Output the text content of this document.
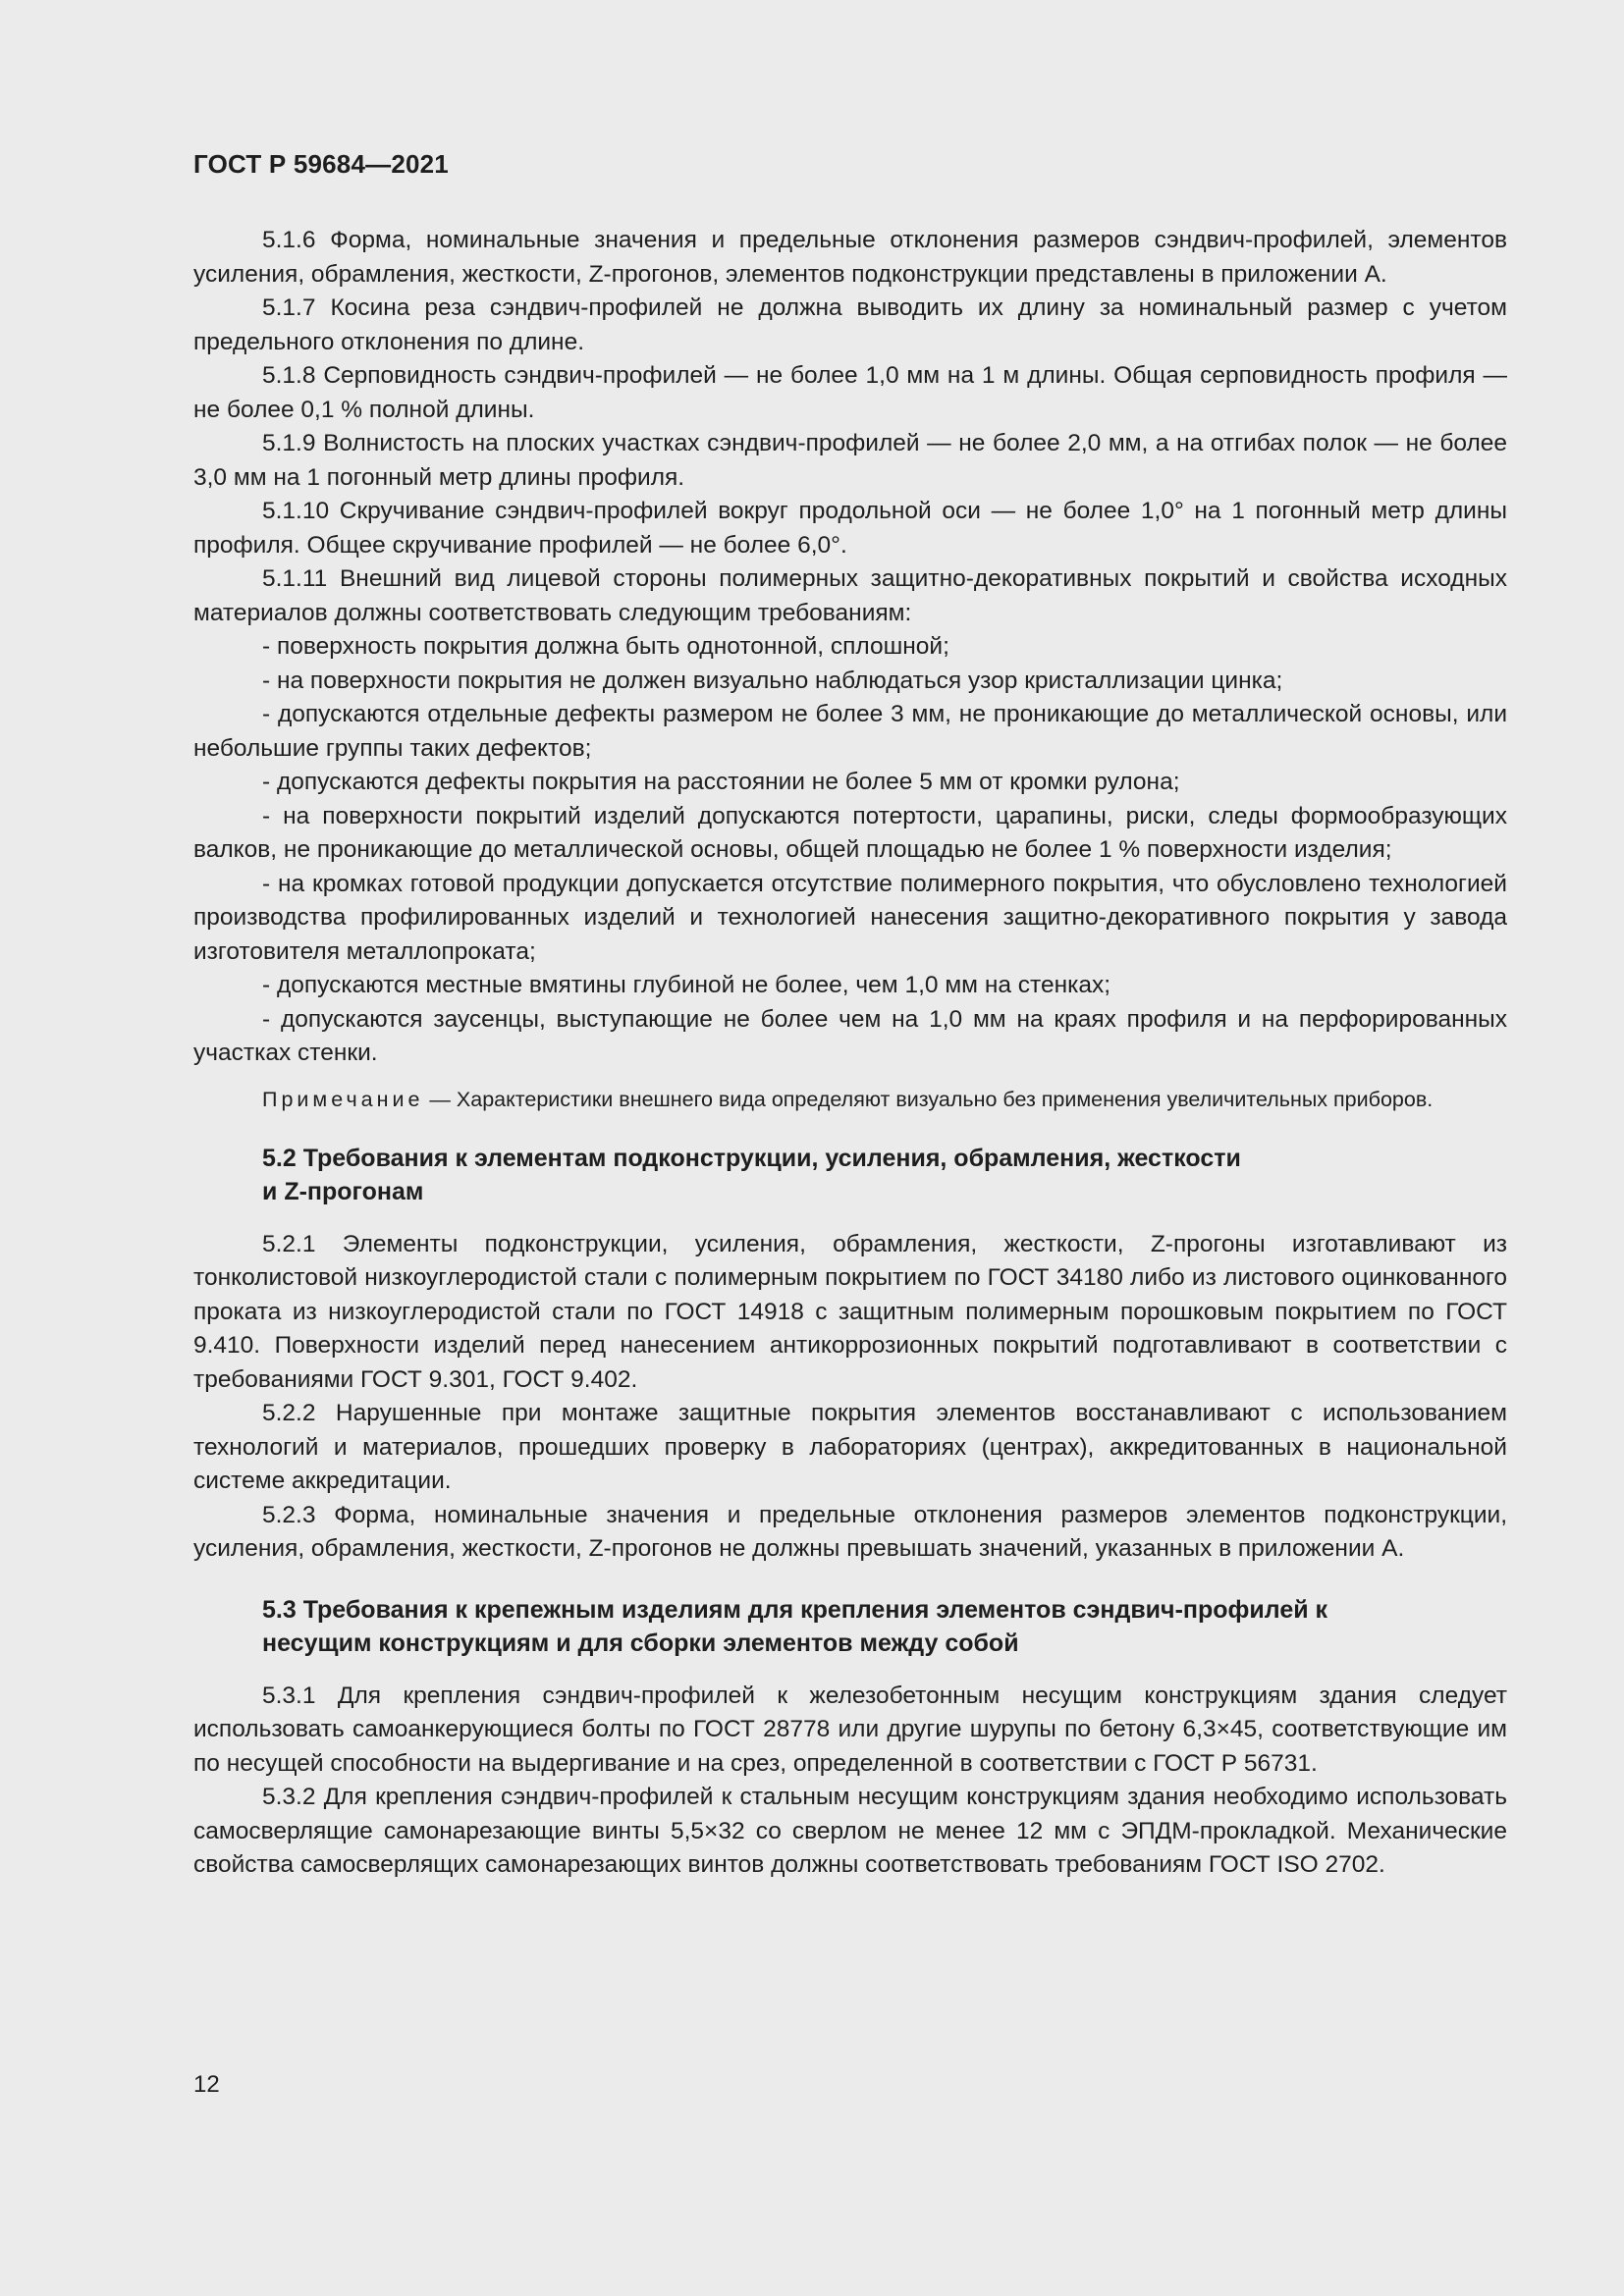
ГОСТ Р 59684—2021

5.1.6 Форма, номинальные значения и предельные отклонения размеров сэндвич-профилей, элементов усиления, обрамления, жесткости, Z-прогонов, элементов подконструкции представлены в приложении А.

5.1.7 Косина реза сэндвич-профилей не должна выводить их длину за номинальный размер с учетом предельного отклонения по длине.

5.1.8 Серповидность сэндвич-профилей — не более 1,0 мм на 1 м длины. Общая серповидность профиля — не более 0,1 % полной длины.

5.1.9 Волнистость на плоских участках сэндвич-профилей — не более 2,0 мм, а на отгибах полок — не более 3,0 мм на 1 погонный метр длины профиля.

5.1.10 Скручивание сэндвич-профилей вокруг продольной оси — не более 1,0° на 1 погонный метр длины профиля. Общее скручивание профилей — не более 6,0°.

5.1.11 Внешний вид лицевой стороны полимерных защитно-декоративных покрытий и свойства исходных материалов должны соответствовать следующим требованиям:

- поверхность покрытия должна быть однотонной, сплошной;

- на поверхности покрытия не должен визуально наблюдаться узор кристаллизации цинка;

- допускаются отдельные дефекты размером не более 3 мм, не проникающие до металлической основы, или небольшие группы таких дефектов;

- допускаются дефекты покрытия на расстоянии не более 5 мм от кромки рулона;

- на поверхности покрытий изделий допускаются потертости, царапины, риски, следы формообразующих валков, не проникающие до металлической основы, общей площадью не более 1 % поверхности изделия;

- на кромках готовой продукции допускается отсутствие полимерного покрытия, что обусловлено технологией производства профилированных изделий и технологией нанесения защитно-декоративного покрытия у завода изготовителя металлопроката;

- допускаются местные вмятины глубиной не более, чем 1,0 мм на стенках;

- допускаются заусенцы, выступающие не более чем на 1,0 мм на краях профиля и на перфорированных участках стенки.

Примечание — Характеристики внешнего вида определяют визуально без применения увеличительных приборов.

5.2 Требования к элементам подконструкции, усиления, обрамления, жесткости
и Z-прогонам

5.2.1 Элементы подконструкции, усиления, обрамления, жесткости, Z-прогоны изготавливают из тонколистовой низкоуглеродистой стали с полимерным покрытием по ГОСТ 34180 либо из листового оцинкованного проката из низкоуглеродистой стали по ГОСТ 14918 с защитным полимерным порошковым покрытием по ГОСТ 9.410. Поверхности изделий перед нанесением антикоррозионных покрытий подготавливают в соответствии с требованиями ГОСТ 9.301, ГОСТ 9.402.

5.2.2 Нарушенные при монтаже защитные покрытия элементов восстанавливают с использованием технологий и материалов, прошедших проверку в лабораториях (центрах), аккредитованных в национальной системе аккредитации.

5.2.3 Форма, номинальные значения и предельные отклонения размеров элементов подконструкции, усиления, обрамления, жесткости, Z-прогонов не должны превышать значений, указанных в приложении А.

5.3 Требования к крепежным изделиям для крепления элементов сэндвич-профилей к
несущим конструкциям и для сборки элементов между собой

5.3.1 Для крепления сэндвич-профилей к железобетонным несущим конструкциям здания следует использовать самоанкерующиеся болты по ГОСТ 28778 или другие шурупы по бетону 6,3×45, соответствующие им по несущей способности на выдергивание и на срез, определенной в соответствии с ГОСТ Р 56731.

5.3.2 Для крепления сэндвич-профилей к стальным несущим конструкциям здания необходимо использовать самосверлящие самонарезающие винты 5,5×32 со сверлом не менее 12 мм с ЭПДМ-прокладкой. Механические свойства самосверлящих самонарезающих винтов должны соответствовать требованиям ГОСТ ISO 2702.

12
